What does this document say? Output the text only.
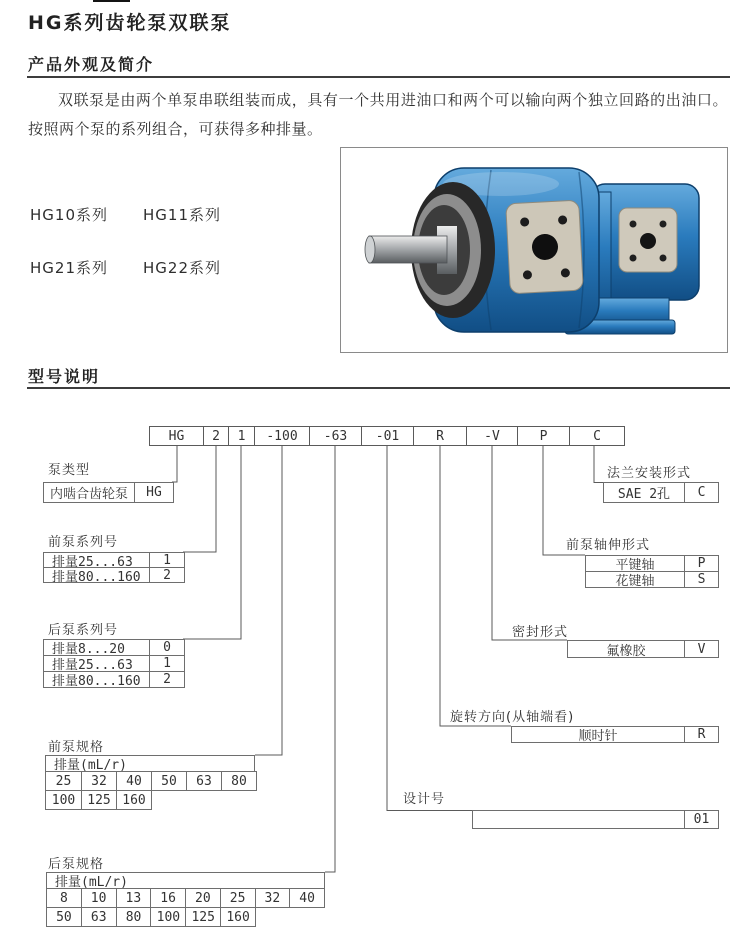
HG系列齿轮泵双联泵
产品外观及简介
双联泵是由两个单泵串联组装而成，具有一个共用进油口和两个可以输向两个独立回路的出油口。按照两个泵的系列组合，可获得多种排量。
HG10系列 HG11系列
HG21系列 HG22系列
型号说明
HG	2	1	-100	-63	-01	R	-V	P	C
泵类型
内啮合齿轮泵	HG
前泵系列号
排量25...63	1
排量80...160	2
后泵系列号
排量8...20	0
排量25...63	1
排量80...160	2
前泵规格
排量(mL/r)
25	32	40	50	63	80
100 125 160
后泵规格
排量(mL/r)
8	10	13	16	20	25	32	40
50	63	80	100 125 160
法兰安装形式
SAE 2孔	C
前泵轴伸形式
平键轴	P
花键轴	S
密封形式
氟橡胶	V
旋转方向(从轴端看)
顺时针	R
设计号
01
